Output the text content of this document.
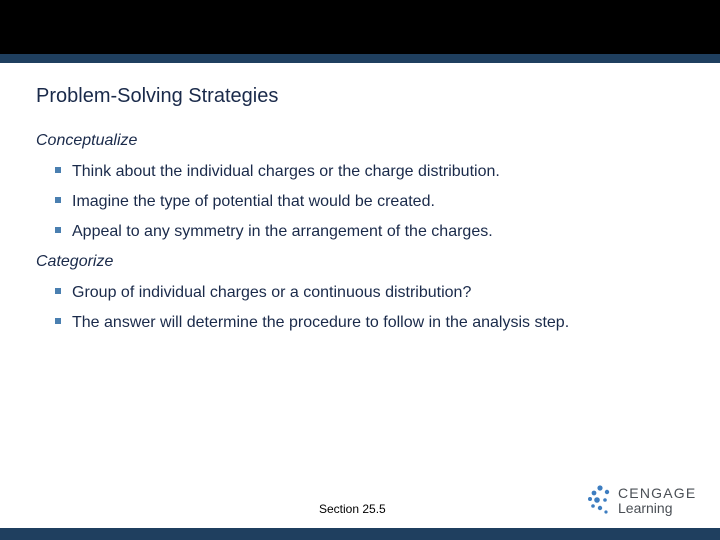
Problem-Solving Strategies
Conceptualize
Think about the individual charges or the charge distribution.
Imagine the type of potential that would be created.
Appeal to any symmetry in the arrangement of the charges.
Categorize
Group of individual charges or a continuous distribution?
The answer will determine the procedure to follow in the analysis step.
Section 25.5
CENGAGE
Learning
